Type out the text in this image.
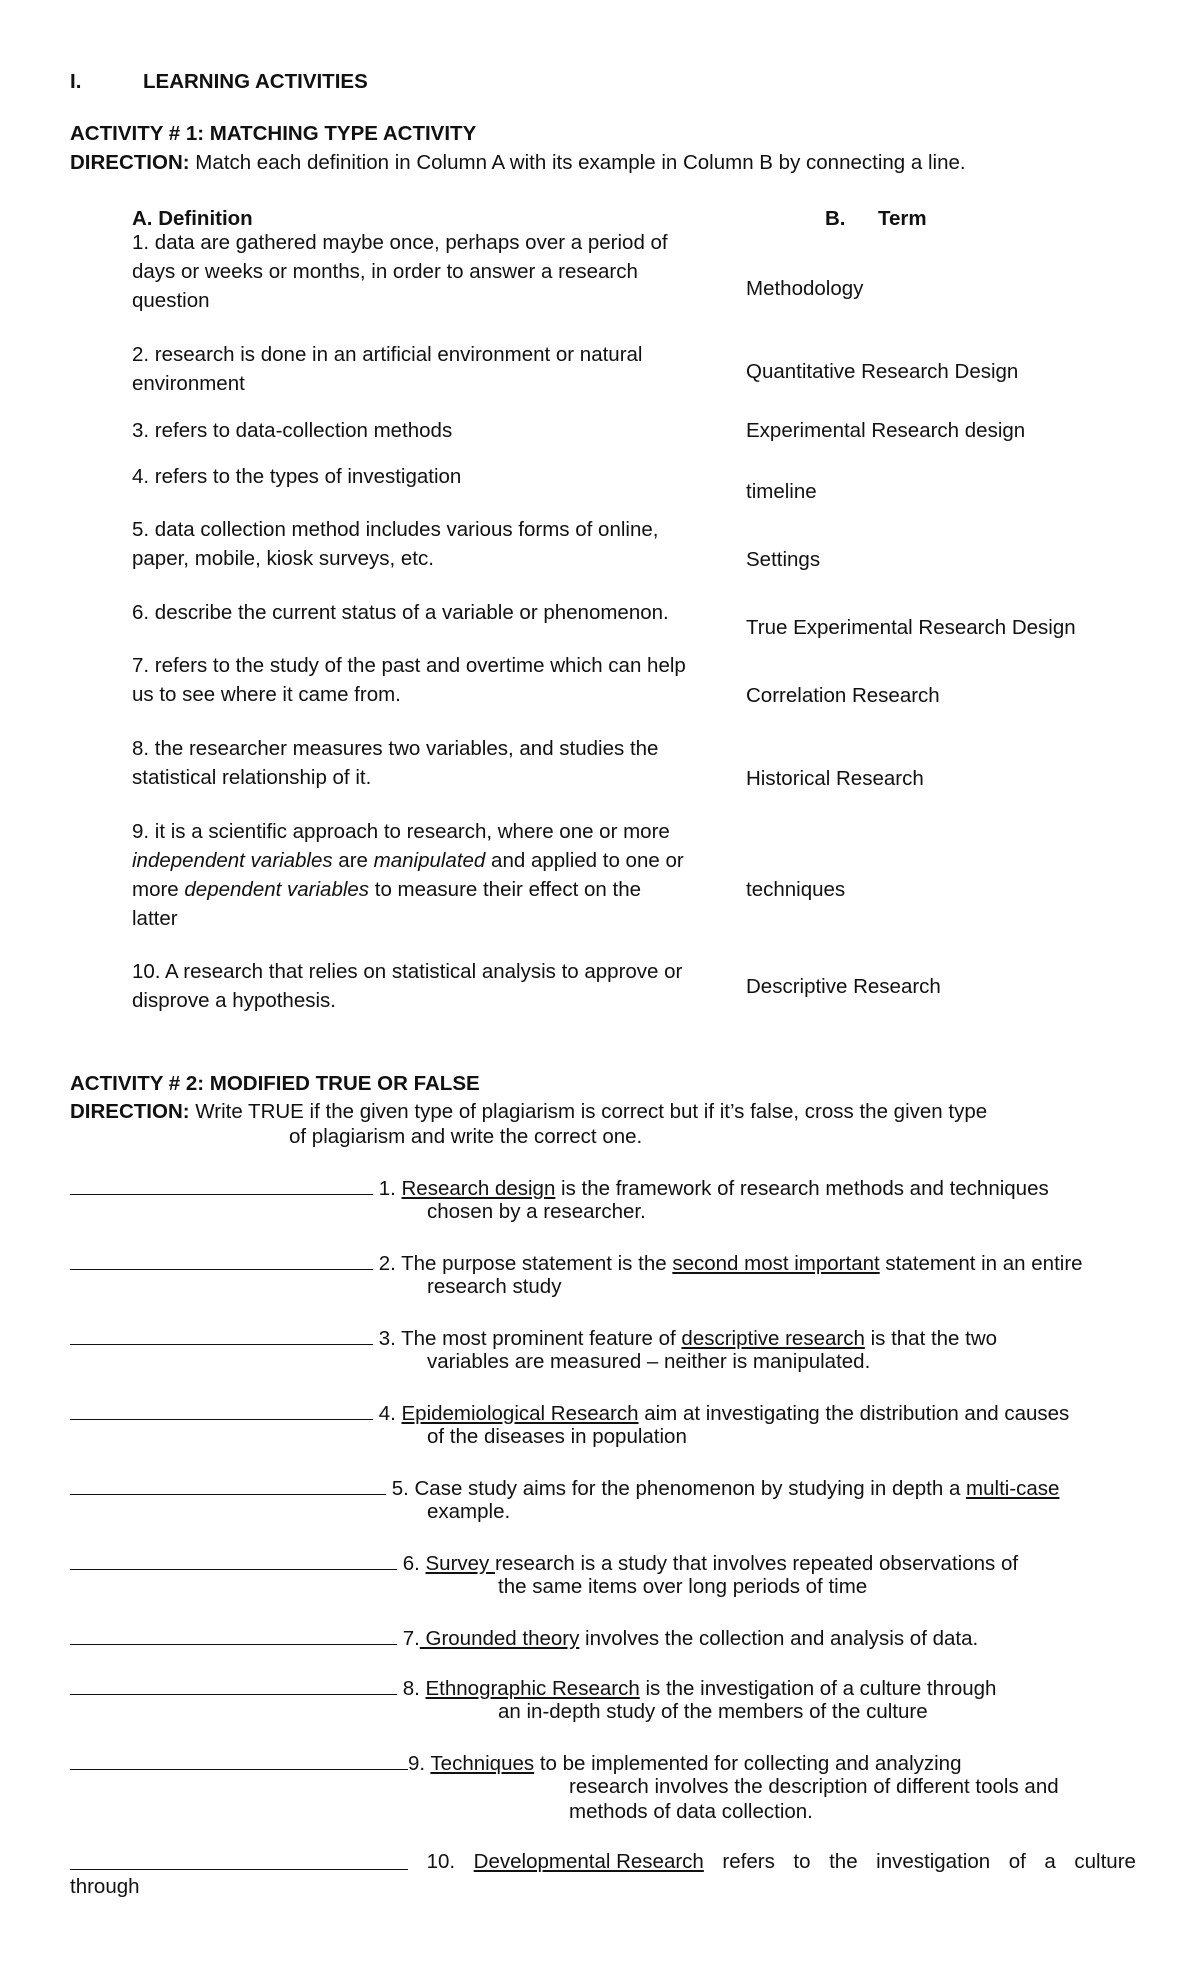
I.	LEARNING ACTIVITIES
ACTIVITY # 1: MATCHING TYPE ACTIVITY
DIRECTION: Match each definition in Column A with its example in Column B by connecting a line.
A. Definition	B. Term
1. data are gathered maybe once, perhaps over a period of
days or weeks or months, in order to answer a research
question
2. research is done in an artificial environment or natural
environment
3. refers to data-collection methods
4. refers to the types of investigation
5. data collection method includes various forms of online,
paper, mobile, kiosk surveys, etc.
6. describe the current status of a variable or phenomenon.
7. refers to the study of the past and overtime which can help
us to see where it came from.
8. the researcher measures two variables, and studies the
statistical relationship of it.
9. it is a scientific approach to research, where one or more
independent variables are manipulated and applied to one or
more dependent variables to measure their effect on the
latter
10. A research that relies on statistical analysis to approve or
disprove a hypothesis.
Methodology
Quantitative Research Design
Experimental Research design
timeline
Settings
True Experimental Research Design
Correlation Research
Historical Research
techniques
Descriptive Research
ACTIVITY # 2: MODIFIED TRUE OR FALSE
DIRECTION: Write TRUE if the given type of plagiarism is correct but if it’s false, cross the given type
of plagiarism and write the correct one.
1. Research design is the framework of research methods and techniques
chosen by a researcher.
2. The purpose statement is the second most important statement in an entire
research study
3. The most prominent feature of descriptive research is that the two
variables are measured – neither is manipulated.
4. Epidemiological Research aim at investigating the distribution and causes
of the diseases in population
5. Case study aims for the phenomenon by studying in depth a multi-case
example.
6. Survey research is a study that involves repeated observations of
the same items over long periods of time
7. Grounded theory involves the collection and analysis of data.
8. Ethnographic Research is the investigation of a culture through
an in-depth study of the members of the culture
9. Techniques to be implemented for collecting and analyzing
research involves the description of different tools and
methods of data collection.
10. Developmental Research refers to the investigation of a culture
through
